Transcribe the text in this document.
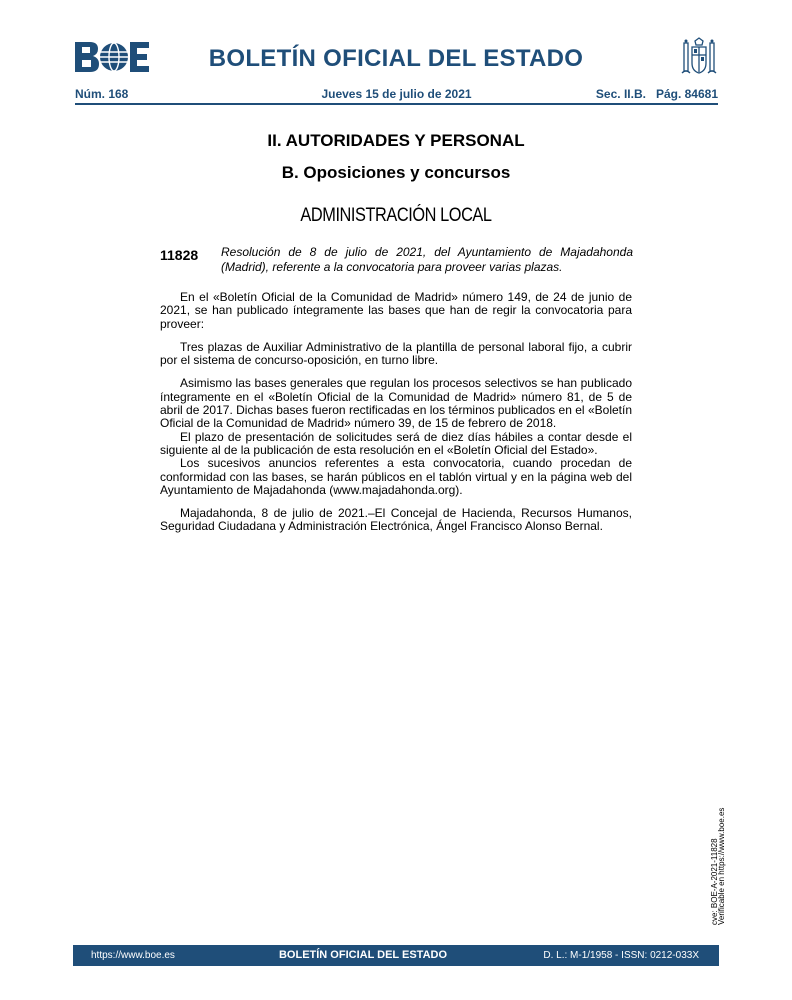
BOLETÍN OFICIAL DEL ESTADO
Núm. 168	Jueves 15 de julio de 2021	Sec. II.B.   Pág. 84681
II. AUTORIDADES Y PERSONAL
B. Oposiciones y concursos
ADMINISTRACIÓN LOCAL
11828 Resolución de 8 de julio de 2021, del Ayuntamiento de Majadahonda (Madrid), referente a la convocatoria para proveer varias plazas.

En el «Boletín Oficial de la Comunidad de Madrid» número 149, de 24 de junio de 2021, se han publicado íntegramente las bases que han de regir la convocatoria para proveer:

Tres plazas de Auxiliar Administrativo de la plantilla de personal laboral fijo, a cubrir por el sistema de concurso-oposición, en turno libre.

Asimismo las bases generales que regulan los procesos selectivos se han publicado íntegramente en el «Boletín Oficial de la Comunidad de Madrid» número 81, de 5 de abril de 2017. Dichas bases fueron rectificadas en los términos publicados en el «Boletín Oficial de la Comunidad de Madrid» número 39, de 15 de febrero de 2018.

El plazo de presentación de solicitudes será de diez días hábiles a contar desde el siguiente al de la publicación de esta resolución en el «Boletín Oficial del Estado».

Los sucesivos anuncios referentes a esta convocatoria, cuando procedan de conformidad con las bases, se harán públicos en el tablón virtual y en la página web del Ayuntamiento de Majadahonda (www.majadahonda.org).

Majadahonda, 8 de julio de 2021.–El Concejal de Hacienda, Recursos Humanos, Seguridad Ciudadana y Administración Electrónica, Ángel Francisco Alonso Bernal.

cve: BOE-A-2021-11828
Verificable en https://www.boe.es
https://www.boe.es	BOLETÍN OFICIAL DEL ESTADO	D. L.: M-1/1958 - ISSN: 0212-033X
